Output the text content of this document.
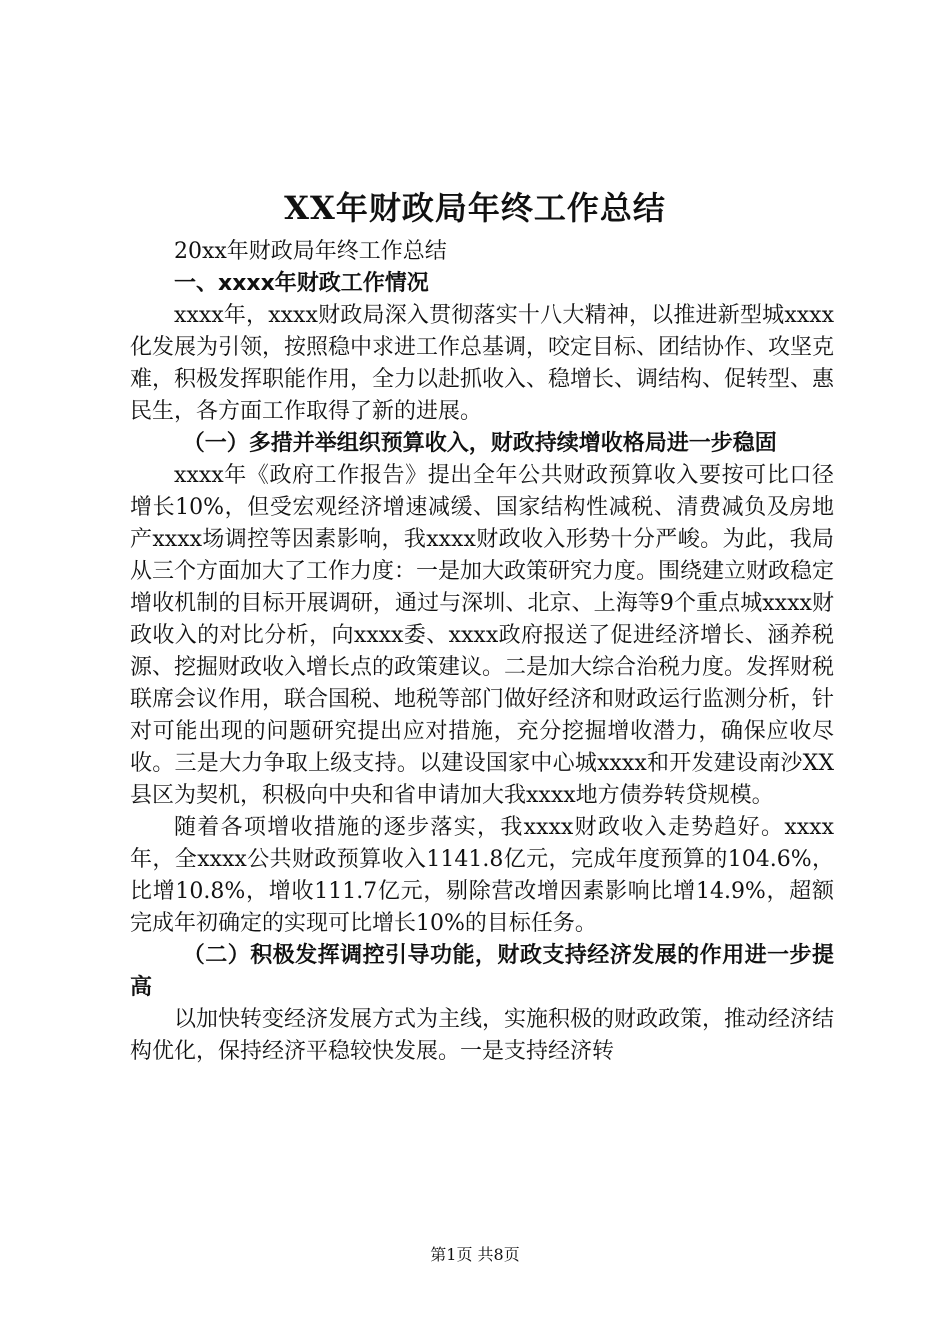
XX年财政局年终工作总结

20xx年财政局年终工作总结

一、xxxx年财政工作情况

xxxx年，xxxx财政局深入贯彻落实十八大精神，以推进新型城xxxx化发展为引领，按照稳中求进工作总基调，咬定目标、团结协作、攻坚克难，积极发挥职能作用，全力以赴抓收入、稳增长、调结构、促转型、惠民生，各方面工作取得了新的进展。

（一）多措并举组织预算收入，财政持续增收格局进一步稳固

xxxx年《政府工作报告》提出全年公共财政预算收入要按可比口径增长10%，但受宏观经济增速减缓、国家结构性减税、清费减负及房地产xxxx场调控等因素影响，我xxxx财政收入形势十分严峻。为此，我局从三个方面加大了工作力度：一是加大政策研究力度。围绕建立财政稳定增收机制的目标开展调研，通过与深圳、北京、上海等9个重点城xxxx财政收入的对比分析，向xxxx委、xxxx政府报送了促进经济增长、涵养税源、挖掘财政收入增长点的政策建议。二是加大综合治税力度。发挥财税联席会议作用，联合国税、地税等部门做好经济和财政运行监测分析，针对可能出现的问题研究提出应对措施，充分挖掘增收潜力，确保应收尽收。三是大力争取上级支持。以建设国家中心城xxxx和开发建设南沙XX县区为契机，积极向中央和省申请加大我xxxx地方债券转贷规模。

随着各项增收措施的逐步落实，我xxxx财政收入走势趋好。xxxx年，全xxxx公共财政预算收入1141.8亿元，完成年度预算的104.6%，比增10.8%，增收111.7亿元，剔除营改增因素影响比增14.9%，超额完成年初确定的实现可比增长10%的目标任务。

（二）积极发挥调控引导功能，财政支持经济发展的作用进一步提高

以加快转变经济发展方式为主线，实施积极的财政政策，推动经济结构优化，保持经济平稳较快发展。一是支持经济转

第1页 共8页
